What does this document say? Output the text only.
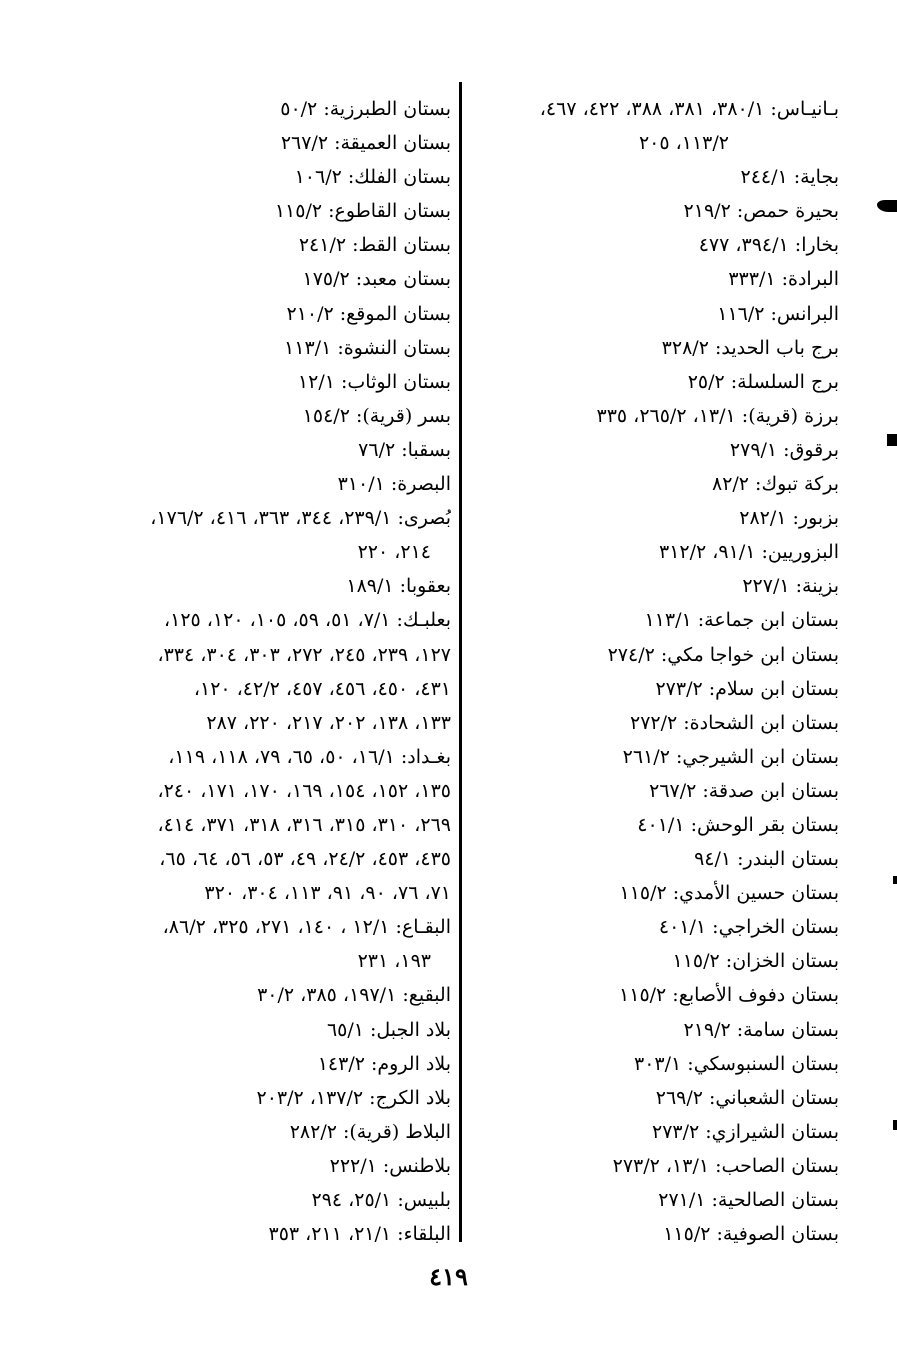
بـانيـاس: ٣٨٠/١، ٣٨١، ٣٨٨، ٤٢٢، ٤٦٧،
١١٣/٢، ٢٠٥
بجاية: ٢٤٤/١
بحيرة حمص: ٢١٩/٢
بخارا: ٣٩٤/١، ٤٧٧
البرادة: ٣٣٣/١
البرانس: ١١٦/٢
برج باب الحديد: ٣٢٨/٢
برج السلسلة: ٢٥/٢
برزة (قرية): ١٣/١، ٢٦٥/٢، ٣٣٥
برقوق: ٢٧٩/١
بركة تبوك: ٨٢/٢
بزبور: ٢٨٢/١
البزوريين: ٩١/١، ٣١٢/٢
بزينة: ٢٢٧/١
بستان ابن جماعة: ١١٣/١
بستان ابن خواجا مكي: ٢٧٤/٢
بستان ابن سلام: ٢٧٣/٢
بستان ابن الشحادة: ٢٧٢/٢
بستان ابن الشيرجي: ٢٦١/٢
بستان ابن صدقة: ٢٦٧/٢
بستان بقر الوحش: ٤٠١/١
بستان البندر: ٩٤/١
بستان حسين الأمدي: ١١٥/٢
بستان الخراجي: ٤٠١/١
بستان الخزان: ١١٥/٢
بستان دفوف الأصابع: ١١٥/٢
بستان سامة: ٢١٩/٢
بستان السنبوسكي: ٣٠٣/١
بستان الشعباني: ٢٦٩/٢
بستان الشيرازي: ٢٧٣/٢
بستان الصاحب: ١٣/١، ٢٧٣/٢
بستان الصالحية: ٢٧١/١
بستان الصوفية: ١١٥/٢
بستان الطبرزية: ٥٠/٢
بستان العميقة: ٢٦٧/٢
بستان الفلك: ١٠٦/٢
بستان القاطوع: ١١٥/٢
بستان القط: ٢٤١/٢
بستان معبد: ١٧٥/٢
بستان الموقع: ٢١٠/٢
بستان النشوة: ١١٣/١
بستان الوثاب: ١٢/١
بسر (قرية): ١٥٤/٢
بسقبا: ٧٦/٢
البصرة: ٣١٠/١
بُصرى: ٢٣٩/١، ٣٤٤، ٣٦٣، ٤١٦، ١٧٦/٢،
٢١٤، ٢٢٠
بعقوبا: ١٨٩/١
بعلبـك: ٧/١، ٥١، ٥٩، ١٠٥، ١٢٠، ١٢٥،
١٢٧، ٢٣٩، ٢٤٥، ٢٧٢، ٣٠٣، ٣٠٤، ٣٣٤،
٤٣١، ٤٥٠، ٤٥٦، ٤٥٧، ٤٢/٢، ١٢٠،
١٣٣، ١٣٨، ٢٠٢، ٢١٧، ٢٢٠، ٢٨٧
بغـداد: ١٦/١، ٥٠، ٦٥، ٧٩، ١١٨، ١١٩،
١٣٥، ١٥٢، ١٥٤، ١٦٩، ١٧٠، ١٧١، ٢٤٠،
٢٦٩، ٣١٠، ٣١٥، ٣١٦، ٣١٨، ٣٧١، ٤١٤،
٤٣٥، ٤٥٣، ٢٤/٢، ٤٩، ٥٣، ٥٦، ٦٤، ٦٥،
٧١، ٧٦، ٩٠، ٩١، ١١٣، ٣٠٤، ٣٢٠
البقـاع: ١٢/١ ، ١٤٠، ٢٧١، ٣٢٥، ٨٦/٢،
١٩٣، ٢٣١
البقيع: ١٩٧/١، ٣٨٥، ٣٠/٢
بلاد الجبل: ٦٥/١
بلاد الروم: ١٤٣/٢
بلاد الكرج: ١٣٧/٢، ٢٠٣/٢
البلاط (قرية): ٢٨٢/٢
بلاطنس: ٢٢٢/١
بلبيس: ٢٥/١، ٢٩٤
البلقاء: ٢١/١، ٢١١، ٣٥٣
٤١٩
